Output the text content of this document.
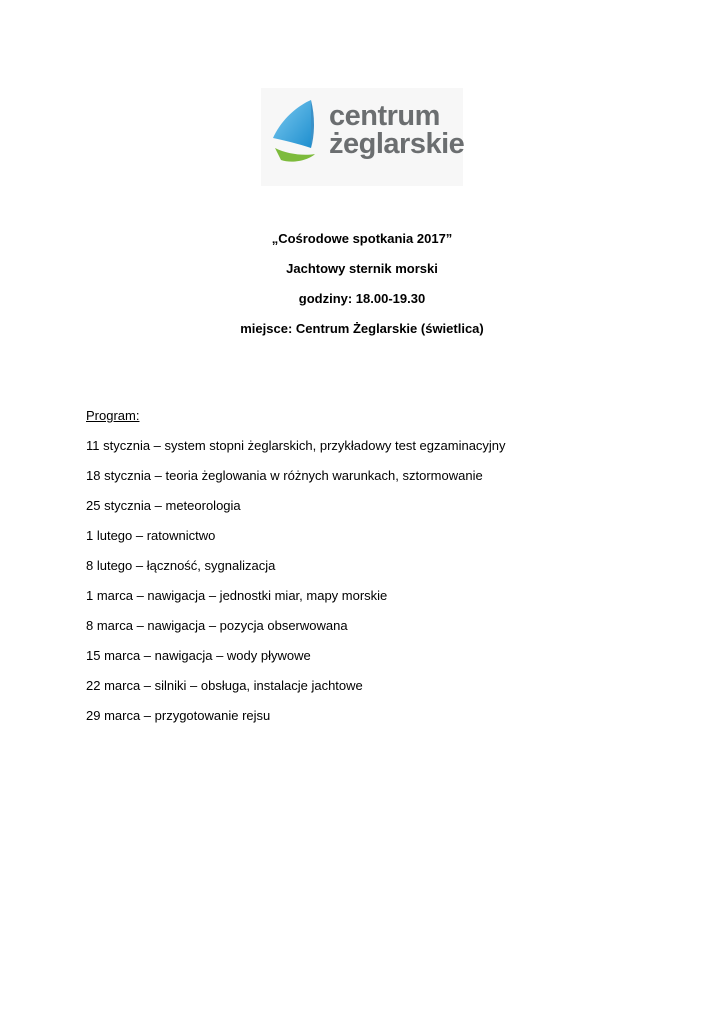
centrum
żeglarskie
„Cośrodowe spotkania 2017”
Jachtowy sternik morski
godziny: 18.00-19.30
miejsce: Centrum Żeglarskie (świetlica)
Program:
11 stycznia – system stopni żeglarskich, przykładowy test egzaminacyjny
18 stycznia – teoria żeglowania w różnych warunkach, sztormowanie
25 stycznia – meteorologia
1 lutego – ratownictwo
8 lutego – łączność, sygnalizacja
1 marca – nawigacja – jednostki miar, mapy morskie
8 marca – nawigacja – pozycja obserwowana
15 marca – nawigacja – wody pływowe
22 marca – silniki – obsługa, instalacje jachtowe
29 marca – przygotowanie rejsu
